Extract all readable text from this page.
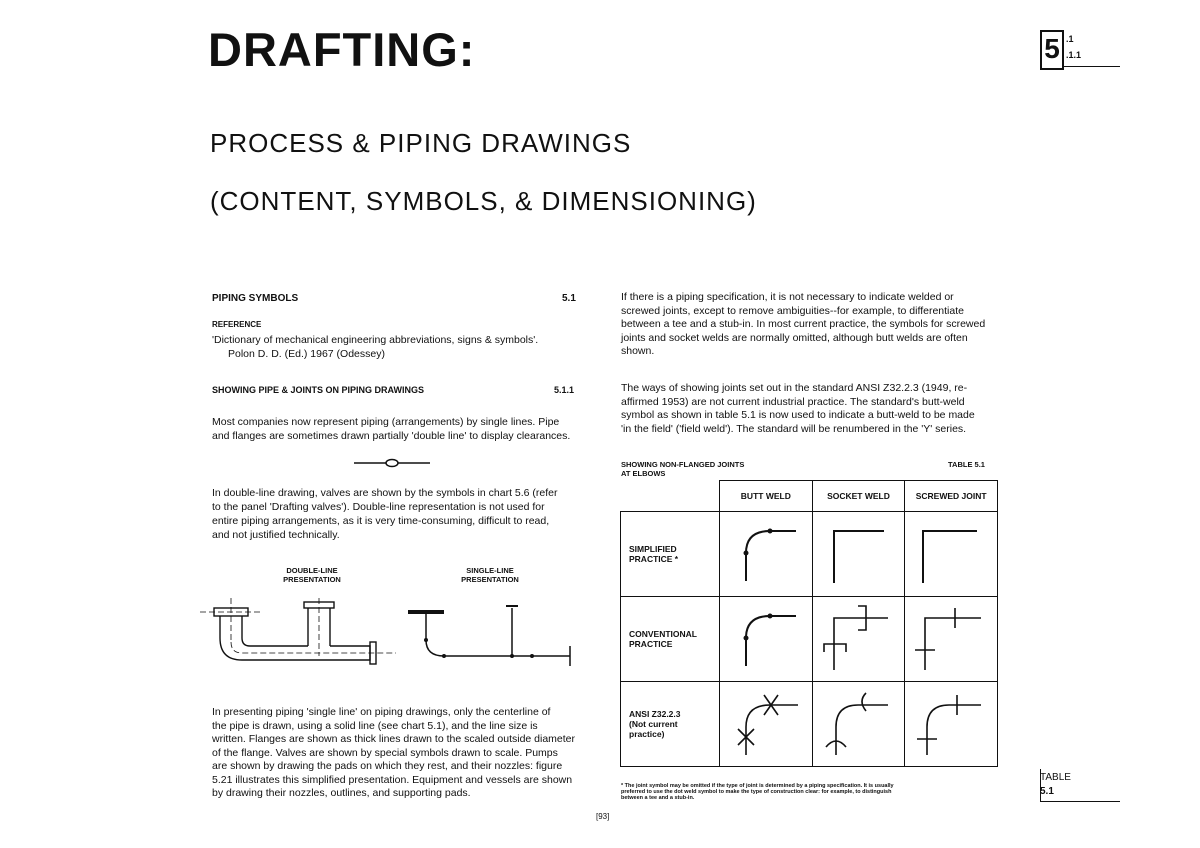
DRAFTING:
PROCESS & PIPING DRAWINGS
(CONTENT, SYMBOLS, & DIMENSIONING)
5 .1
.1.1
PIPING SYMBOLS	5.1
REFERENCE
'Dictionary of mechanical engineering abbreviations, signs & symbols'.
Polon D. D. (Ed.) 1967 (Odessey)
SHOWING PIPE & JOINTS ON PIPING DRAWINGS	5.1.1
Most companies now represent piping (arrangements) by single lines. Pipe
and flanges are sometimes drawn partially 'double line' to display clearances.
In double-line drawing, valves are shown by the symbols in chart 5.6 (refer
to the panel 'Drafting valves'). Double-line representation is not used for
entire piping arrangements, as it is very time-consuming, difficult to read,
and not justified technically.
DOUBLE-LINE
PRESENTATION
SINGLE-LINE
PRESENTATION
In presenting piping 'single line' on piping drawings, only the centerline of
the pipe is drawn, using a solid line (see chart 5.1), and the line size is
written. Flanges are shown as thick lines drawn to the scaled outside diameter
of the flange. Valves are shown by special symbols drawn to scale. Pumps
are shown by drawing the pads on which they rest, and their nozzles: figure
5.21 illustrates this simplified presentation. Equipment and vessels are shown
by drawing their nozzles, outlines, and supporting pads.
[93]
If there is a piping specification, it is not necessary to indicate welded or
screwed joints, except to remove ambiguities--for example, to differentiate
between a tee and a stub-in. In most current practice, the symbols for screwed
joints and socket welds are normally omitted, although butt welds are often
shown.
The ways of showing joints set out in the standard ANSI Z32.2.3 (1949, re-
affirmed 1953) are not current industrial practice. The standard's butt-weld
symbol as shown in table 5.1 is now used to indicate a butt-weld to be made
'in the field' ('field weld'). The standard will be renumbered in the 'Y' series.
SHOWING NON-FLANGED JOINTS
AT ELBOWS
TABLE 5.1
	BUTT WELD	SOCKET WELD	SCREWED JOINT

SIMPLIFIED
PRACTICE *

CONVENTIONAL
PRACTICE

ANSI Z32.2.3
(Not current
practice)

* The joint symbol may be omitted if the type of joint is determined by a piping specification. It is usually
preferred to use the dot weld symbol to make the type of construction clear: for example, to distinguish
between a tee and a stub-in.
TABLE
5.1
